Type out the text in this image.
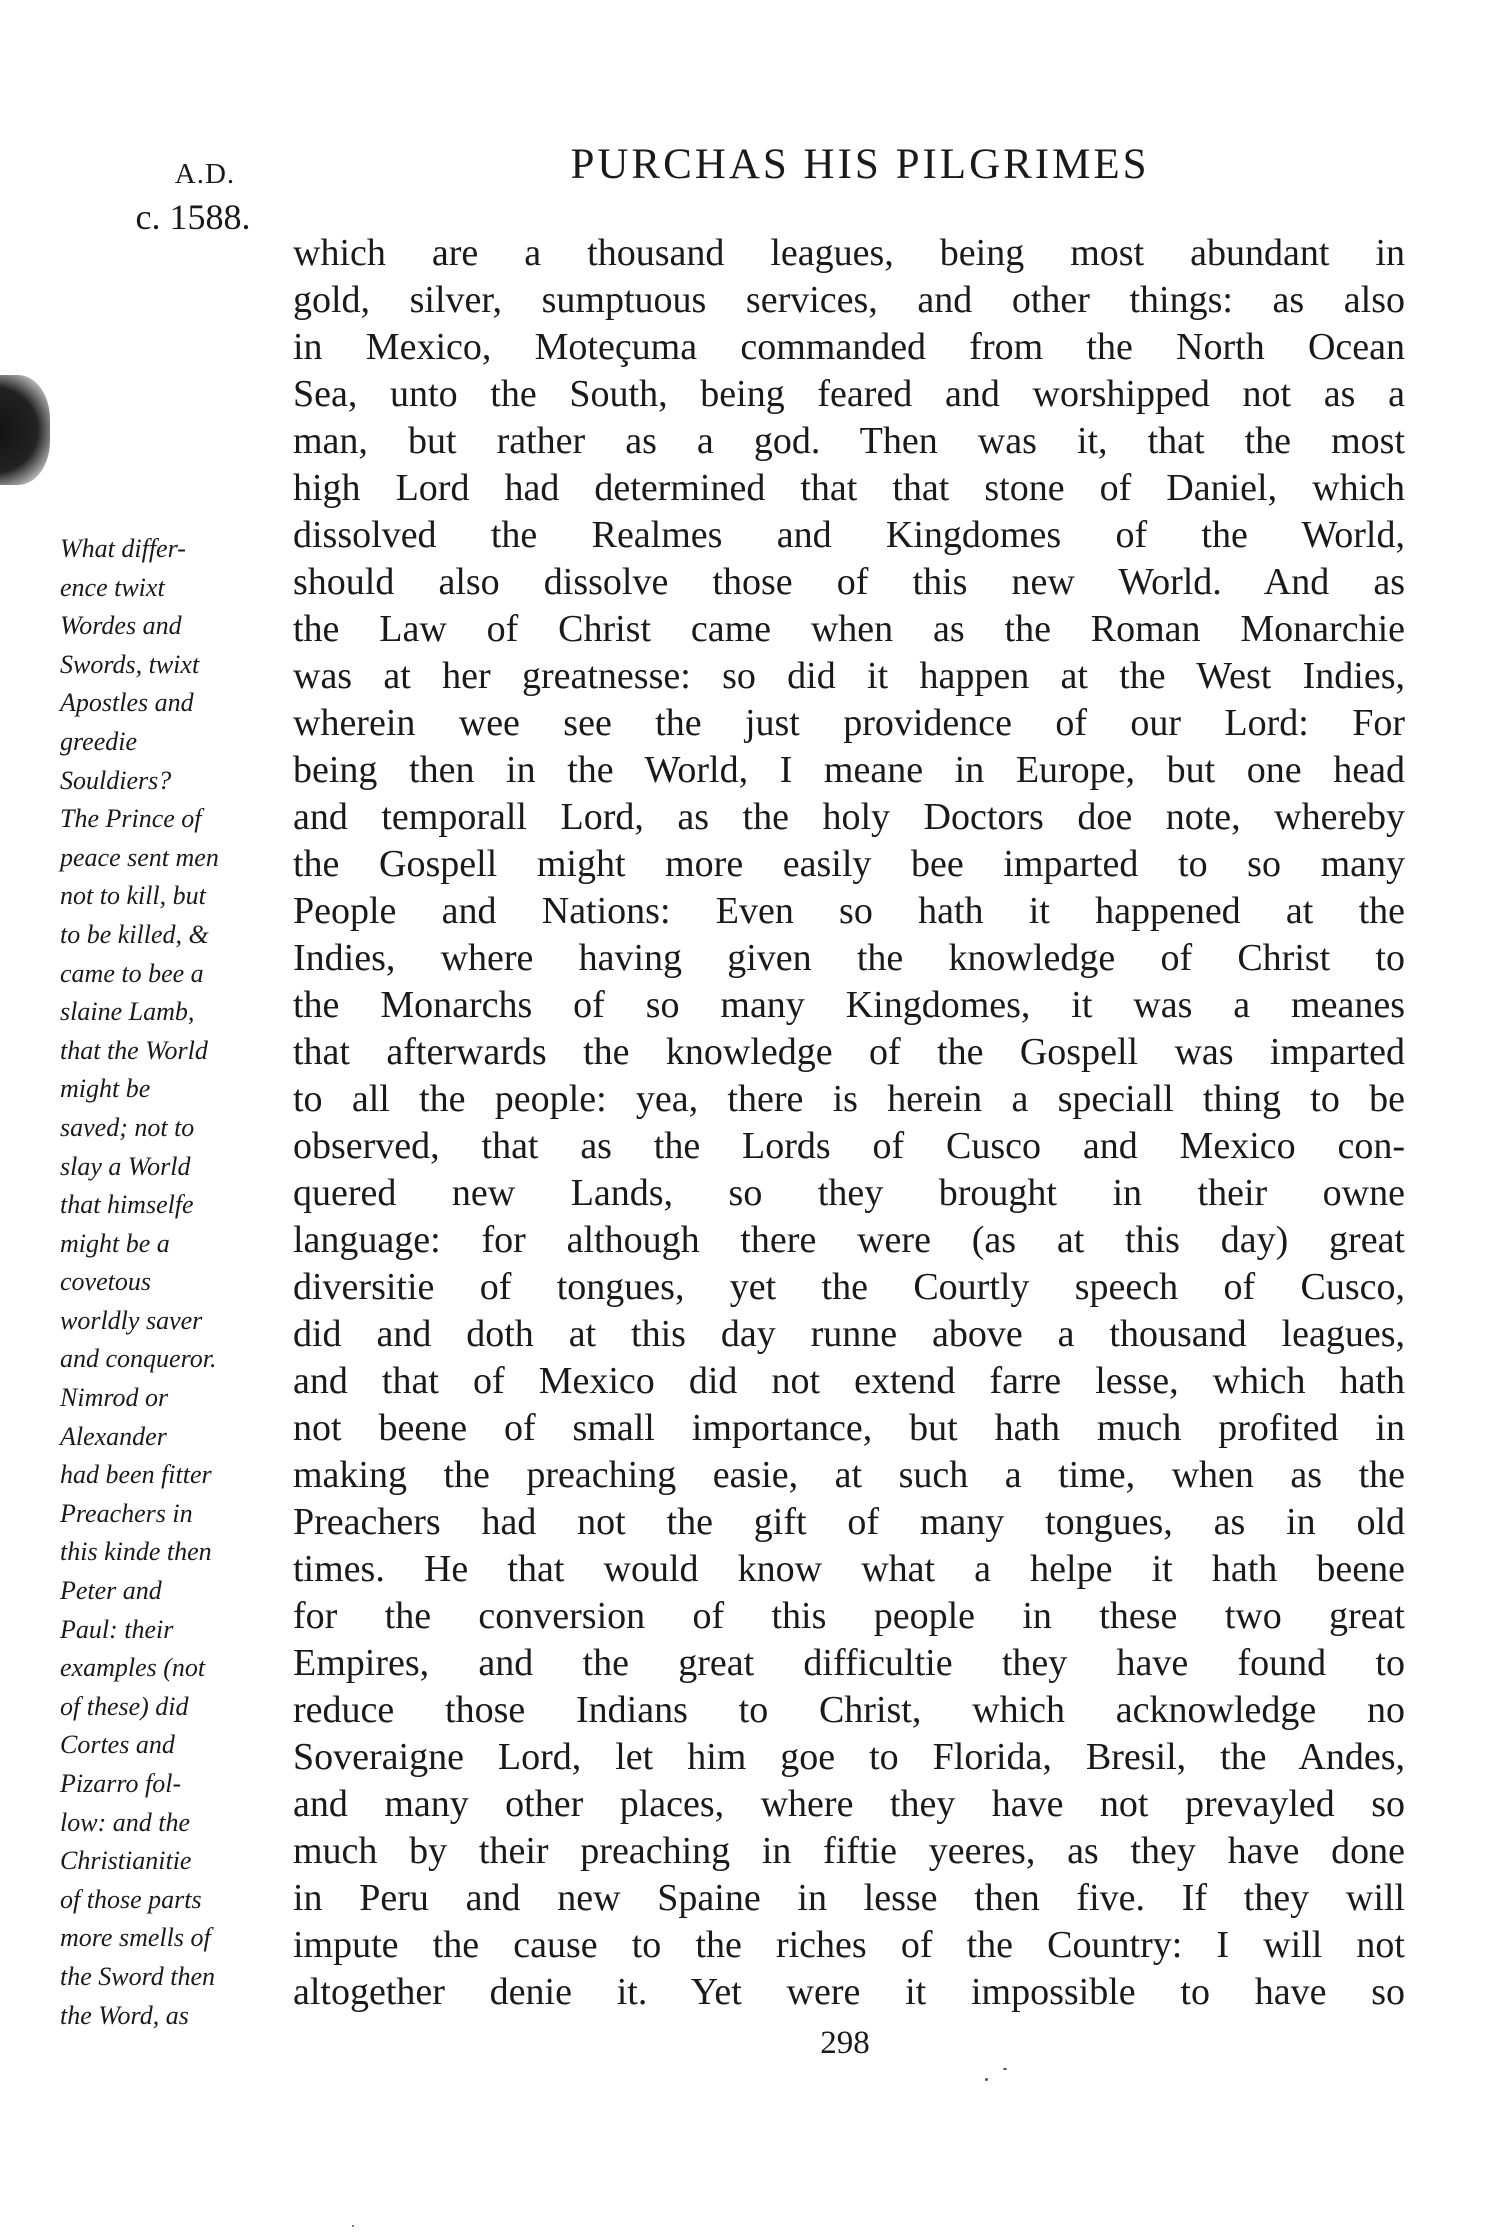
A.D.
c. 1588.
PURCHAS HIS PILGRIMES
What differ-
ence twixt
Wordes and
Swords, twixt
Apostles and
greedie
Souldiers?
The Prince of
peace sent men
not to kill, but
to be killed, &
came to bee a
slaine Lamb,
that the World
might be
saved; not to
slay a World
that himselfe
might be a
covetous
worldly saver
and conqueror.
Nimrod or
Alexander
had been fitter
Preachers in
this kinde then
Peter and
Paul: their
examples (not
of these) did
Cortes and
Pizarro fol-
low: and the
Christianitie
of those parts
more smells of
the Sword then
the Word, as
which are a thousand leagues, being most abundant in
gold, silver, sumptuous services, and other things: as also
in Mexico, Moteçuma commanded from the North Ocean
Sea, unto the South, being feared and worshipped not as a
man, but rather as a god. Then was it, that the most
high Lord had determined that that stone of Daniel, which
dissolved the Realmes and Kingdomes of the World,
should also dissolve those of this new World. And as
the Law of Christ came when as the Roman Monarchie
was at her greatnesse: so did it happen at the West Indies,
wherein wee see the just providence of our Lord: For
being then in the World, I meane in Europe, but one head
and temporall Lord, as the holy Doctors doe note, whereby
the Gospell might more easily bee imparted to so many
People and Nations: Even so hath it happened at the
Indies, where having given the knowledge of Christ to
the Monarchs of so many Kingdomes, it was a meanes
that afterwards the knowledge of the Gospell was imparted
to all the people: yea, there is herein a speciall thing to be
observed, that as the Lords of Cusco and Mexico con-
quered new Lands, so they brought in their owne
language: for although there were (as at this day) great
diversitie of tongues, yet the Courtly speech of Cusco,
did and doth at this day runne above a thousand leagues,
and that of Mexico did not extend farre lesse, which hath
not beene of small importance, but hath much profited in
making the preaching easie, at such a time, when as the
Preachers had not the gift of many tongues, as in old
times. He that would know what a helpe it hath beene
for the conversion of this people in these two great
Empires, and the great difficultie they have found to
reduce those Indians to Christ, which acknowledge no
Soveraigne Lord, let him goe to Florida, Bresil, the Andes,
and many other places, where they have not prevayled so
much by their preaching in fiftie yeeres, as they have done
in Peru and new Spaine in lesse then five. If they will
impute the cause to the riches of the Country: I will not
altogether denie it. Yet were it impossible to have so
298
